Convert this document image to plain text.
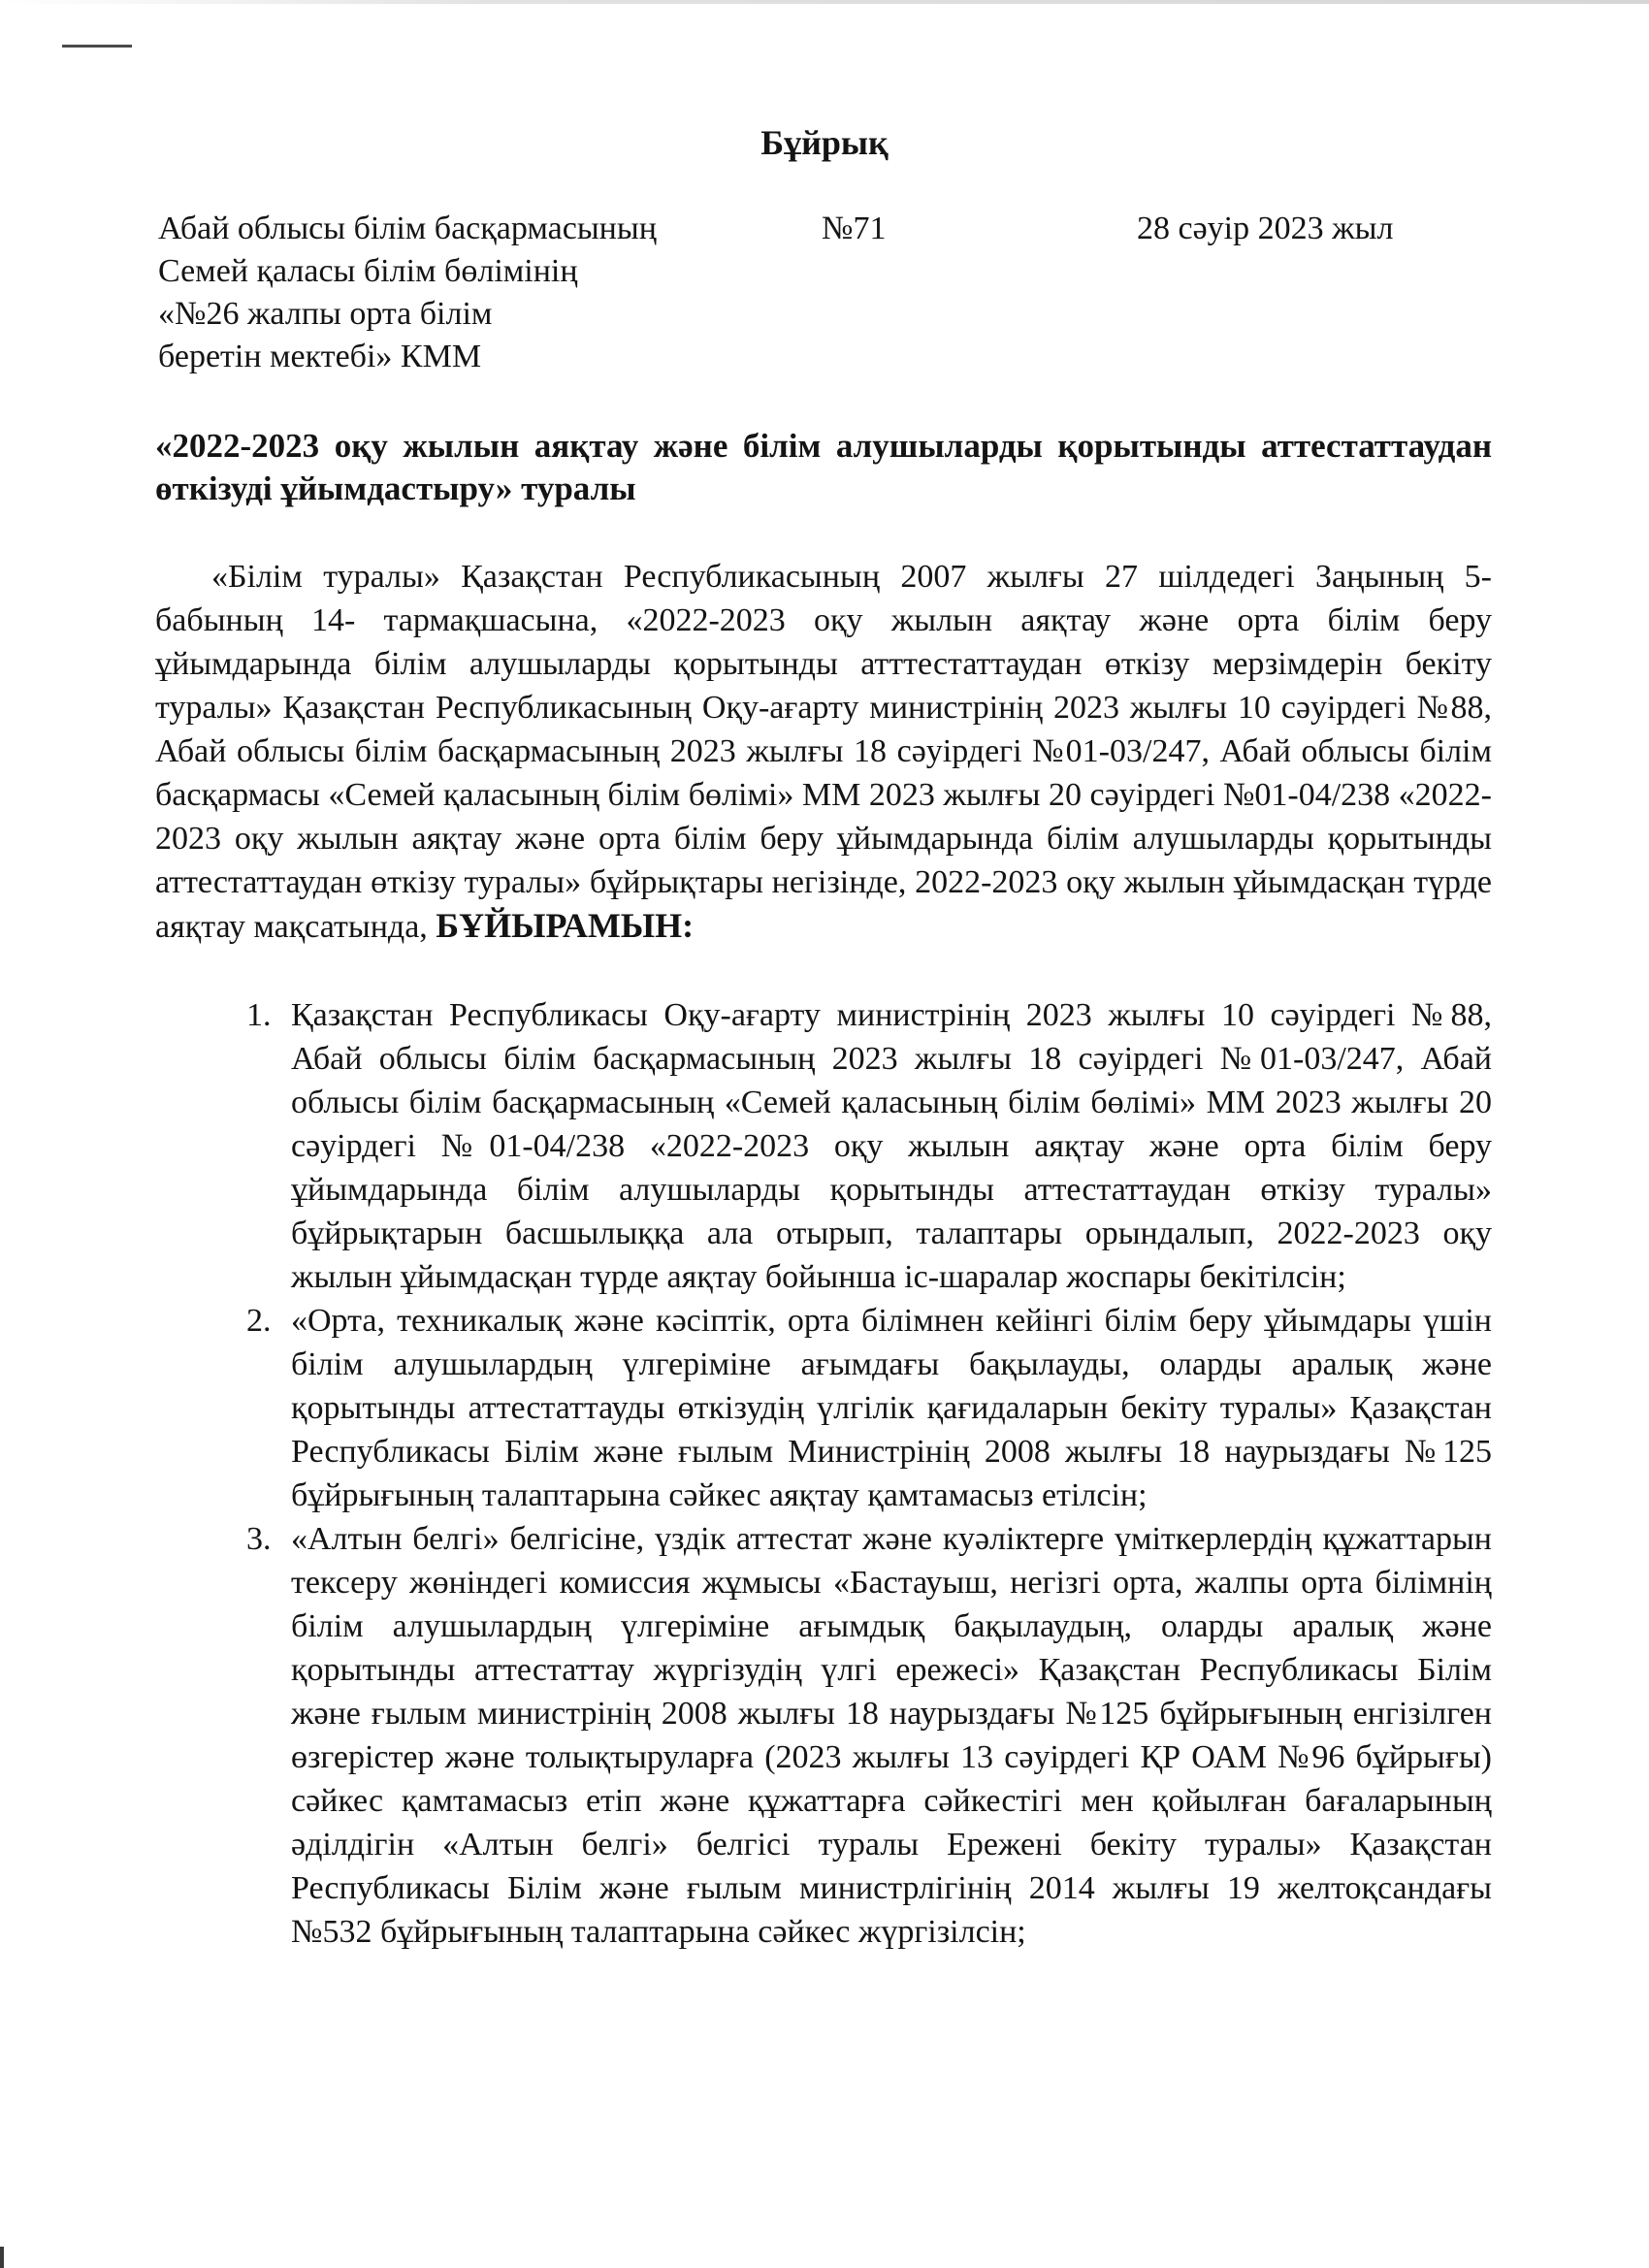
Бұйрық
Абай облысы білім басқармасының
Семей қаласы білім бөлімінің
«№26 жалпы орта білім
беретін мектебі» КММ
№71	28 сәуір 2023 жыл
«2022-2023 оқу жылын аяқтау және білім алушыларды қорытынды аттестаттаудан өткізуді ұйымдастыру» туралы
«Білім туралы» Қазақстан Республикасының 2007 жылғы 27 шілдедегі Заңының 5-бабының 14- тармақшасына, «2022-2023 оқу жылын аяқтау және орта білім беру ұйымдарында білім алушыларды қорытынды атттестаттаудан өткізу мерзімдерін бекіту туралы» Қазақстан Республикасының Оқу-ағарту министрінің 2023 жылғы 10 сәуірдегі №88, Абай облысы білім басқармасының 2023 жылғы 18 сәуірдегі №01-03/247, Абай облысы білім басқармасы «Семей қаласының білім бөлімі» ММ 2023 жылғы 20 сәуірдегі №01-04/238 «2022-2023 оқу жылын аяқтау және орта білім беру ұйымдарында білім алушыларды қорытынды аттестаттаудан өткізу туралы» бұйрықтары негізінде, 2022-2023 оқу жылын ұйымдасқан түрде аяқтау мақсатында, БҰЙЫРАМЫН:
1. Қазақстан Республикасы Оқу-ағарту министрінің 2023 жылғы 10 сәуірдегі №88, Абай облысы білім басқармасының 2023 жылғы 18 сәуірдегі №01-03/247, Абай облысы білім басқармасының «Семей қаласының білім бөлімі» ММ 2023 жылғы 20 сәуірдегі №01-04/238 «2022-2023 оқу жылын аяқтау және орта білім беру ұйымдарында білім алушыларды қорытынды аттестаттаудан өткізу туралы» бұйрықтарын басшылыққа ала отырып, талаптары орындалып, 2022-2023 оқу жылын ұйымдасқан түрде аяқтау бойынша іс-шаралар жоспары бекітілсін;
2. «Орта, техникалық және кәсіптік, орта білімнен кейінгі білім беру ұйымдары үшін білім алушылардың үлгеріміне ағымдағы бақылауды, оларды аралық және қорытынды аттестаттауды өткізудің үлгілік қағидаларын бекіту туралы» Қазақстан Республикасы Білім және ғылым Министрінің 2008 жылғы 18 наурыздағы №125 бұйрығының талаптарына сәйкес аяқтау қамтамасыз етілсін;
3. «Алтын белгі» белгісіне, үздік аттестат және куәліктерге үміткерлердің құжаттарын тексеру жөніндегі комиссия жұмысы «Бастауыш, негізгі орта, жалпы орта білімнің білім алушылардың үлгеріміне ағымдық бақылаудың, оларды аралық және қорытынды аттестаттау жүргізудің үлгі ережесі» Қазақстан Республикасы Білім және ғылым министрінің 2008 жылғы 18 наурыздағы №125 бұйрығының енгізілген өзгерістер және толықтыруларға (2023 жылғы 13 сәуірдегі ҚР ОАМ №96 бұйрығы) сәйкес қамтамасыз етіп және құжаттарға сәйкестігі мен қойылған бағаларының әділдігін «Алтын белгі» белгісі туралы Ережені бекіту туралы» Қазақстан Республикасы Білім және ғылым министрлігінің 2014 жылғы 19 желтоқсандағы №532 бұйрығының талаптарына сәйкес жүргізілсін;
